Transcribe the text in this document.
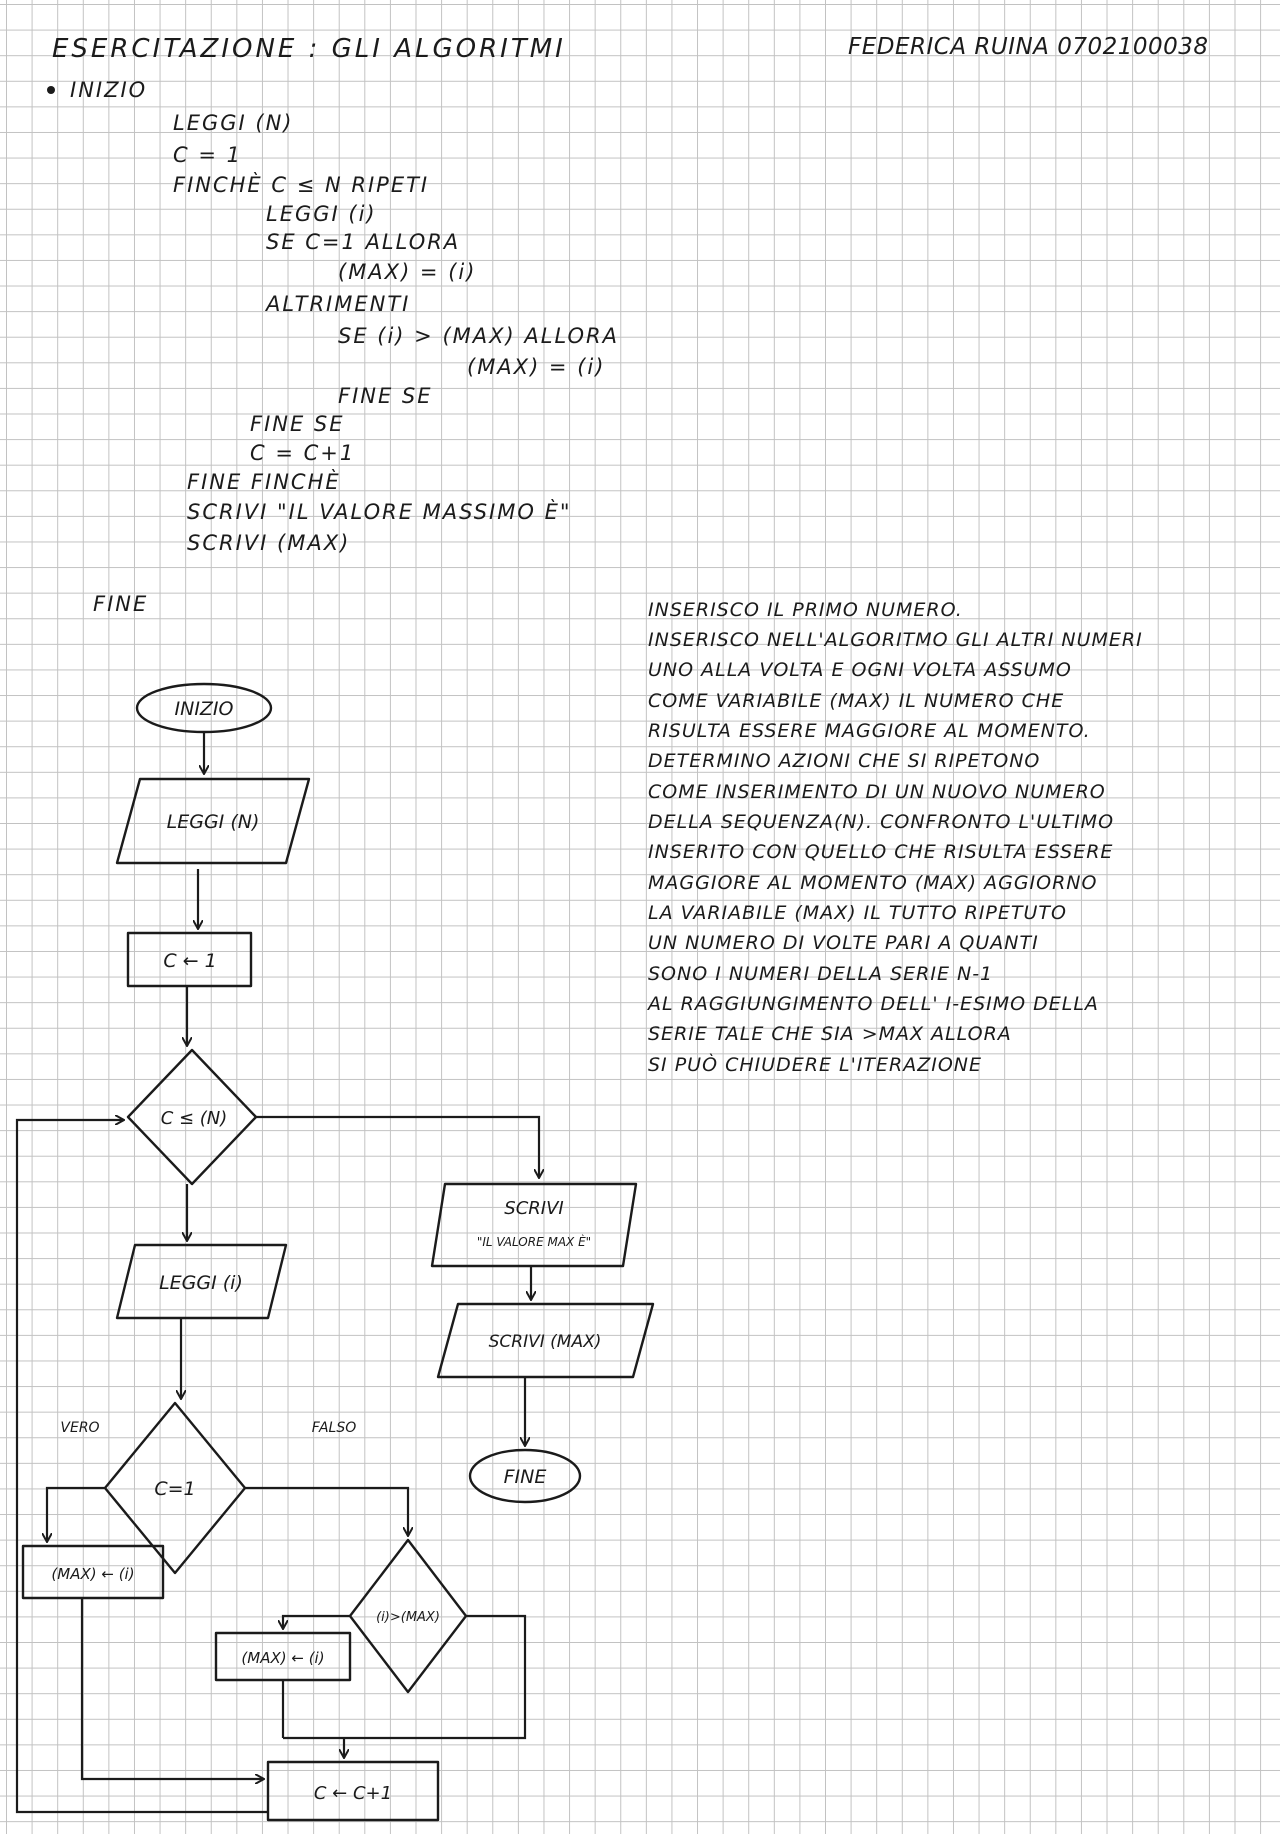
ESERCITAZIONE : GLI ALGORITMI	FEDERICA RUINA 0702100038
INIZIO
LEGGI (N)
C = 1
FINCHÈ C ≤ N RIPETI
LEGGI (i)
SE C=1 ALLORA
(MAX) = (i)
ALTRIMENTI
SE (i) > (MAX) ALLORA
(MAX) = (i)
FINE SE
FINE SE
C = C+1
FINE FINCHÈ
SCRIVI "IL VALORE MASSIMO È"
SCRIVI (MAX)
FINE	INSERISCO IL PRIMO NUMERO.
INSERISCO NELL'ALGORITMO GLI ALTRI NUMERI
UNO ALLA VOLTA E OGNI VOLTA ASSUMO
COME VARIABILE (MAX) IL NUMERO CHE
RISULTA ESSERE MAGGIORE AL MOMENTO.
DETERMINO AZIONI CHE SI RIPETONO
COME INSERIMENTO DI UN NUOVO NUMERO
DELLA SEQUENZA(N). CONFRONTO L'ULTIMO
INSERITO CON QUELLO CHE RISULTA ESSERE
MAGGIORE AL MOMENTO (MAX) AGGIORNO
LA VARIABILE (MAX) IL TUTTO RIPETUTO
UN NUMERO DI VOLTE PARI A QUANTI
SONO I NUMERI DELLA SERIE N-1
AL RAGGIUNGIMENTO DELL' I-ESIMO DELLA
SERIE TALE CHE SIA >MAX ALLORA
SI PUÒ CHIUDERE L'ITERAZIONE
INIZIO
LEGGI (N)
C ← 1
C ≤ (N)
SCRIVI
"IL VALORE MAX È"
SCRIVI (MAX)
FINE
LEGGI (i)
C=1
VERO	FALSO
(MAX) ← (i)
(i)>(MAX)
(MAX) ← (i)
C ← C+1
